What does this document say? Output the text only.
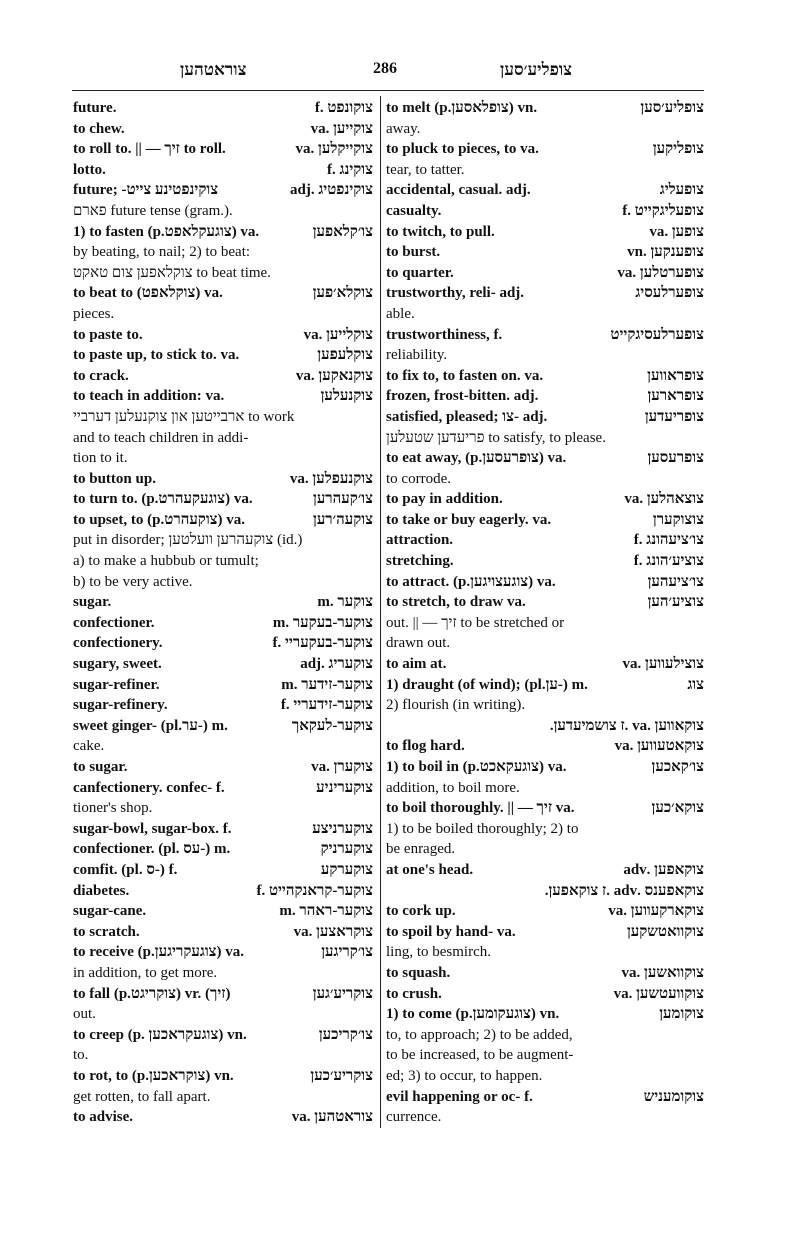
צוראטהען	286	צופליע׳סען
future.	צוקונפט .f
to chew.	צוקייען .va
to roll to. || — זיך to roll.	צוקייקלען .va
lotto.	צוקינג .f
future; -צוקינפטינע צייט	צוקינפטיג .adj
פארם future tense (gram.).
1) to fasten (p.צוגעקלאפט) va.	צו׳קלאפען
by beating, to nail; 2) to beat:
צוקלאפען צום טאקט to beat time.
to beat to (צוקלאפט) va.	צוקלא׳פען
pieces.
to paste to.	צוקלייען .va
to paste up, to stick to. va.	צוקלעפען
to crack.	צוקנאקען .va
to teach in addition: va.	צוקנעלען
ארבייטען און צוקנעלען דערביי to work
and to teach children in addi-
tion to it.
to button up.	צוקנעפלען .va
to turn to. (p.צוגעקעהרט) va.	צו׳קעהרען
to upset, to (p.צוקעהרט) va.	צוקעה׳רען
put in disorder; צוקעהרען וועלטען (id.)
a) to make a hubbub or tumult;
b) to be very active.
sugar.	צוקער .m
confectioner.	צוקער-בעקער .m
confectionery.	צוקער-בעקעריי .f
sugary, sweet.	צוקעריג .adj
sugar-refiner.	צוקער-זידער .m
sugar-refinery.	צוקער-זידעריי .f
sweet ginger- (pl.ער-) m.	צוקער-לעקאך
cake.
to sugar.	צוקערן .va
canfectionery. confec- f.	צוקעריניע
tioner's shop.
sugar-bowl, sugar-box. f.	צוקערניצע
confectioner. (pl. עס-) m.	צוקערניק
comfit. (pl. ס-) f.	צוקערקע
diabetes.	צוקער-קראנקהייט .f
sugar-cane.	צוקער-ראהר .m
to scratch.	צוקראצען .va
to receive (p.צוגעקריגען) va.	צו׳קריגען
in addition, to get more.
to fall (p.צוקריגט) vr. (זיך)	צוקריע׳גען
out.
to creep (p. צוגעקראכען) vn.	צו׳קריכען
to.
to rot, to (p.צוקראכען) vn.	צוקריע׳כען
get rotten, to fall apart.
to advise.	צוראטהען .va
to melt (p.צופלאסען) vn.	צופליע׳סען
away.
to pluck to pieces, to va.	צופליקען
tear, to tatter.
accidental, casual. adj.	צופעליג
casualty.	צופעליגקייט .f
to twitch, to pull.	צופען .va
to burst.	צופענקען .vn
to quarter.	צופערטלען .va
trustworthy, reli- adj.	צופערלעסיג
able.
trustworthiness, f.	צופערלעסיגקייט
reliability.
to fix to, to fasten on. va.	צופראווען
frozen, frost-bitten. adj.	צופרארען
satisfied, pleased; צו- adj.	צופריעדען
פריעדען שטעלען to satisfy, to please.
to eat away, (p.צופרעסען) va.	צופרעסען
to corrode.
to pay in addition.	צוצאהלען .va
to take or buy eagerly. va.	צוצוקערן
attraction.	צו׳ציעהונג .f
stretching.	צוציע׳הונג .f
to attract. (p.צוגעצויגען) va.	צו׳ציעהען
to stretch, to draw va.	צוציע׳הען
out. || — זיך to be stretched or
drawn out.
to aim at.	צוצילעווען .va
1) draught (of wind); (pl.ען-) m.	צוג
2) flourish (in writing).
צוקאווען .va .ז צושמיעדען.
to flog hard.	צוקאטעווען .va
1) to boil in (p.צוגעקאכט) va.	צו׳קאכען
addition, to boil more.
to boil thoroughly. || — זיך va.	צוקא׳כען
1) to be boiled thoroughly; 2) to
be enraged.
at one's head.	צוקאפען .adv
צוקאפענס .adv .ז צוקאפען.
to cork up.	צוקארקעווען .va
to spoil by hand- va.	צוקוואטשקען
ling, to besmirch.
to squash.	צוקוואשען .va
to crush.	צוקוועטשען .va
1) to come (p.צוגעקומען) vn.	צוקומען
to, to approach; 2) to be added,
to be increased, to be augment-
ed; 3) to occur, to happen.
evil happening or oc- f.	צוקומעניש
currence.
